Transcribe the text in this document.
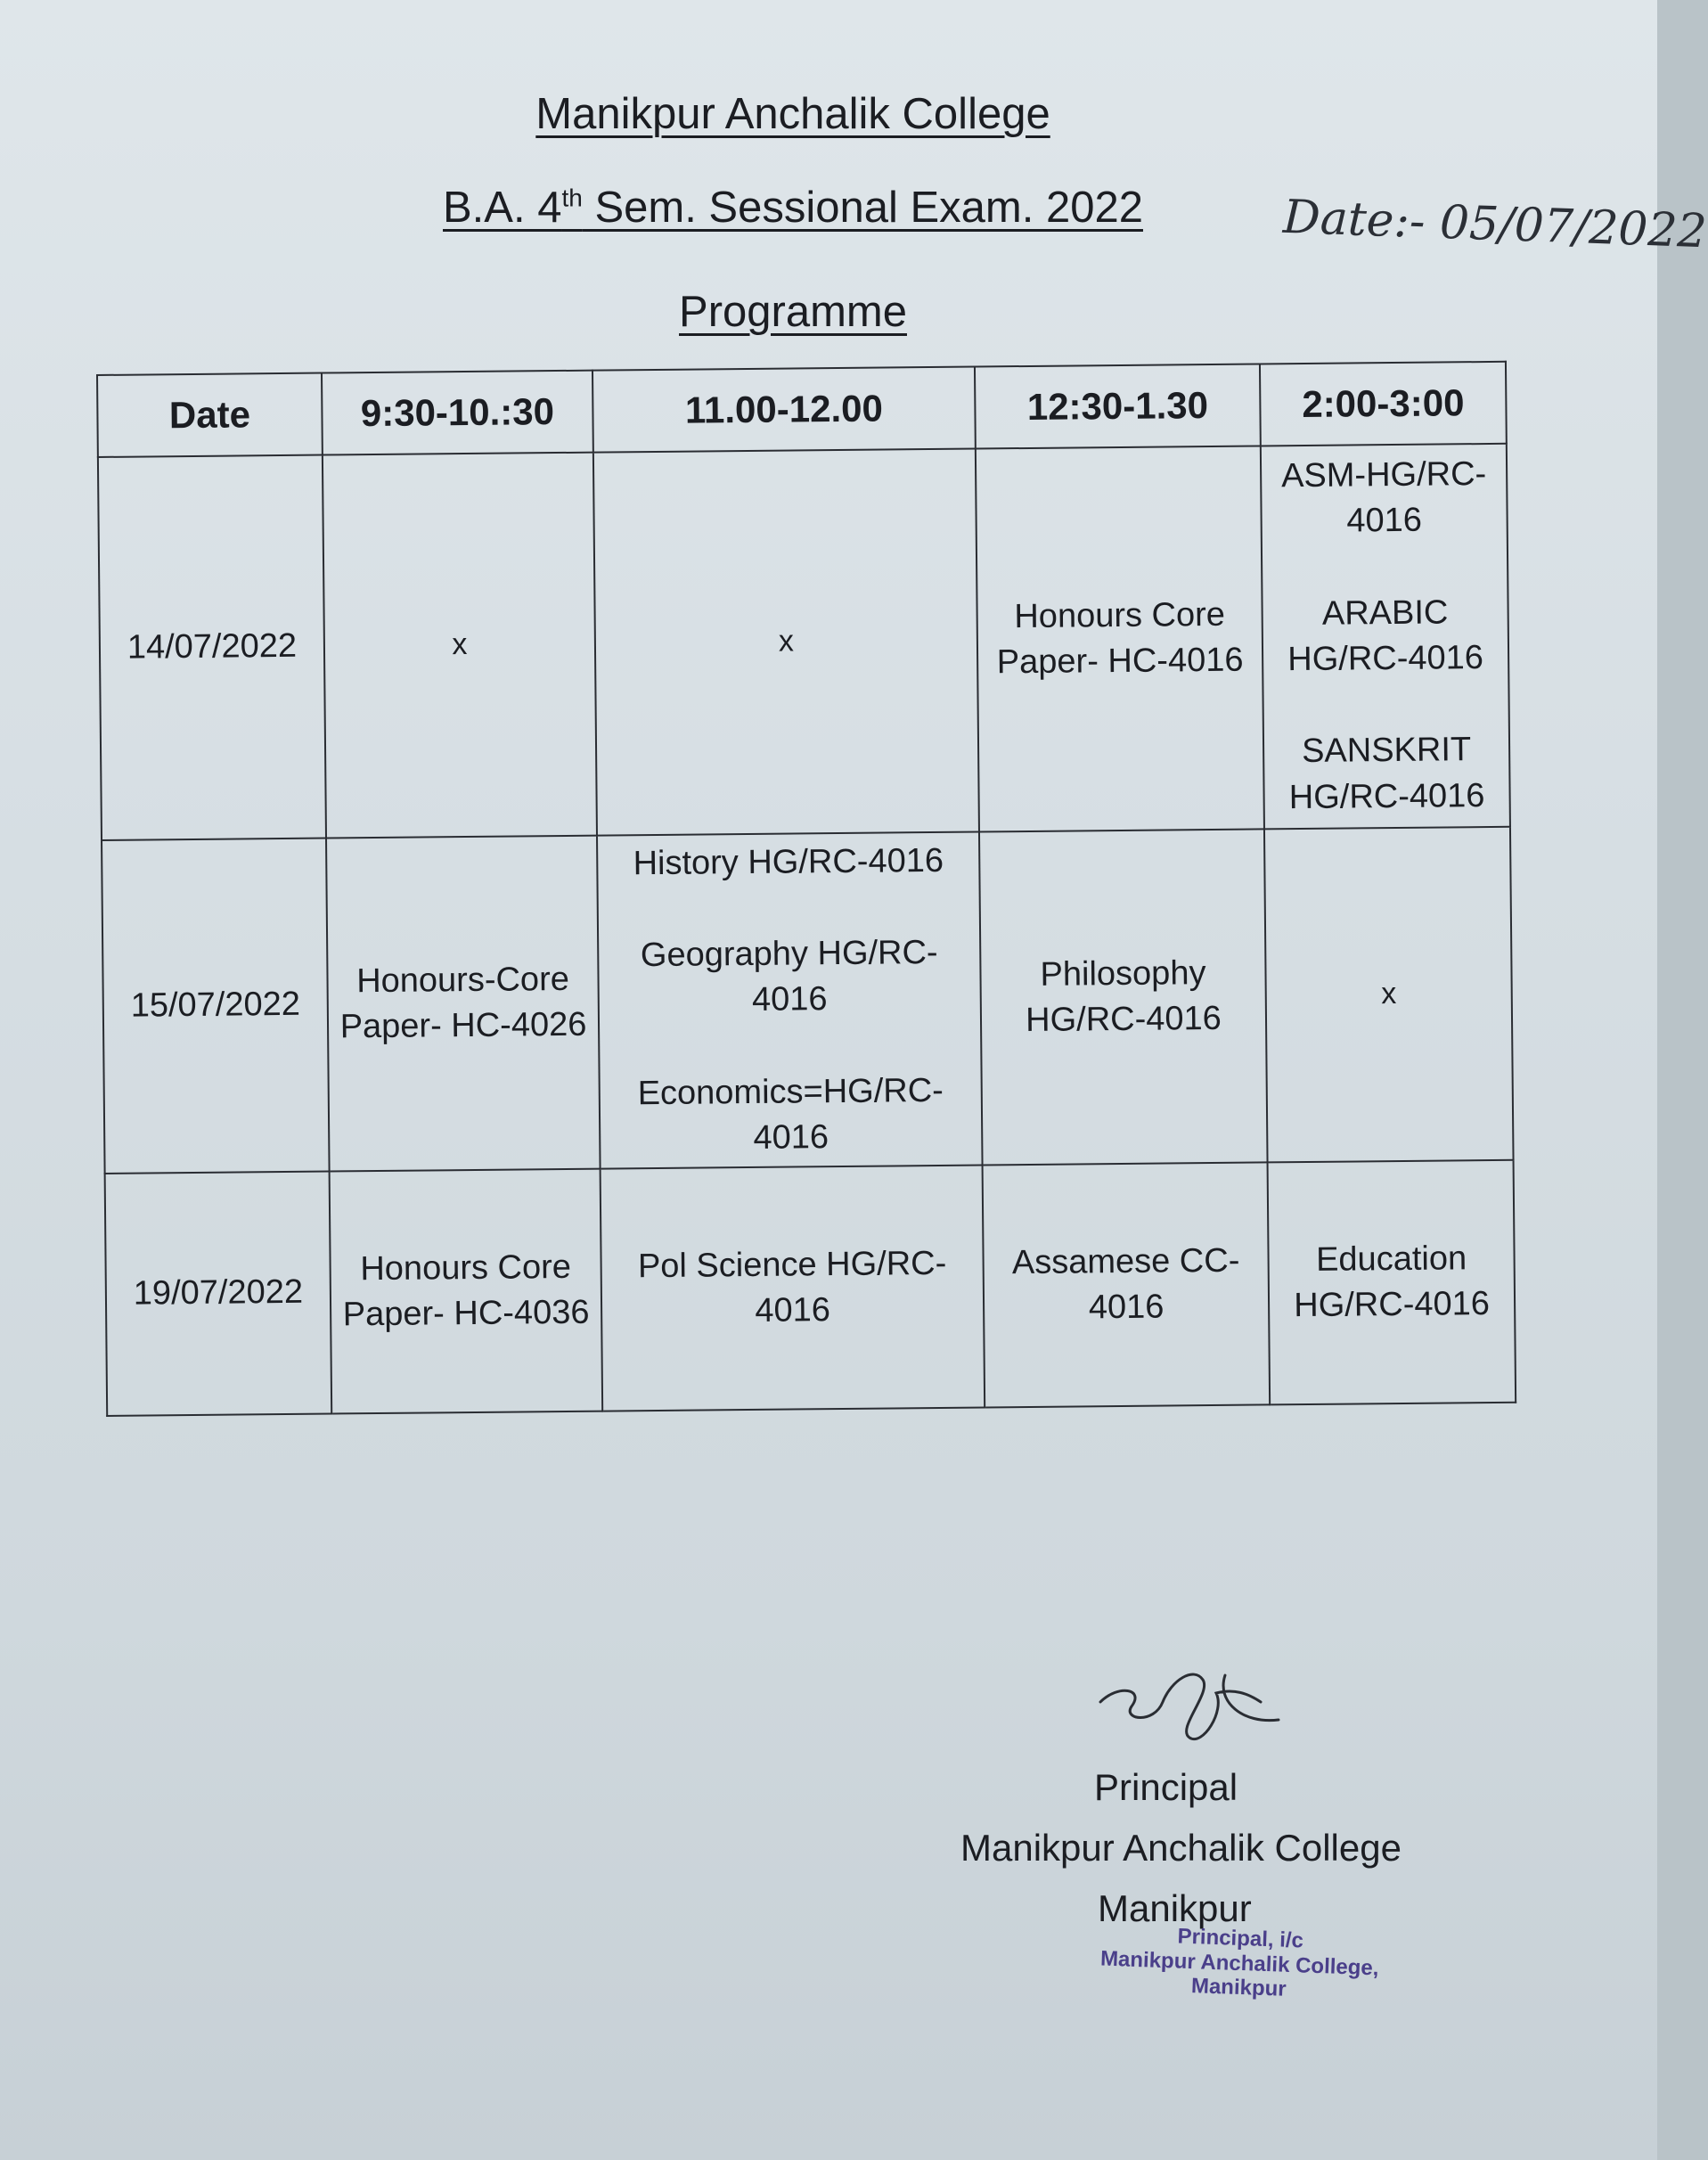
Manikpur Anchalik College
B.A. 4th Sem. Sessional Exam. 2022
Programme
Date:- 05/07/2022
Date	9:30-10.:30	11.00-12.00	12:30-1.30	2:00-3:00
14/07/2022	x	x	Honours Core Paper- HC-4016	ASM-HG/RC-4016
ARABIC HG/RC-4016
SANSKRIT HG/RC-4016

15/07/2022	Honours-Core Paper- HC-4026	History HG/RC-4016
Geography HG/RC-4016
Economics=HG/RC-4016	Philosophy HG/RC-4016	x
19/07/2022	Honours Core Paper- HC-4036	Pol Science HG/RC-4016	Assamese CC-4016	Education HG/RC-4016
Principal
Manikpur Anchalik College
Manikpur
Principal, i/c
Manikpur Anchalik College,
Manikpur
